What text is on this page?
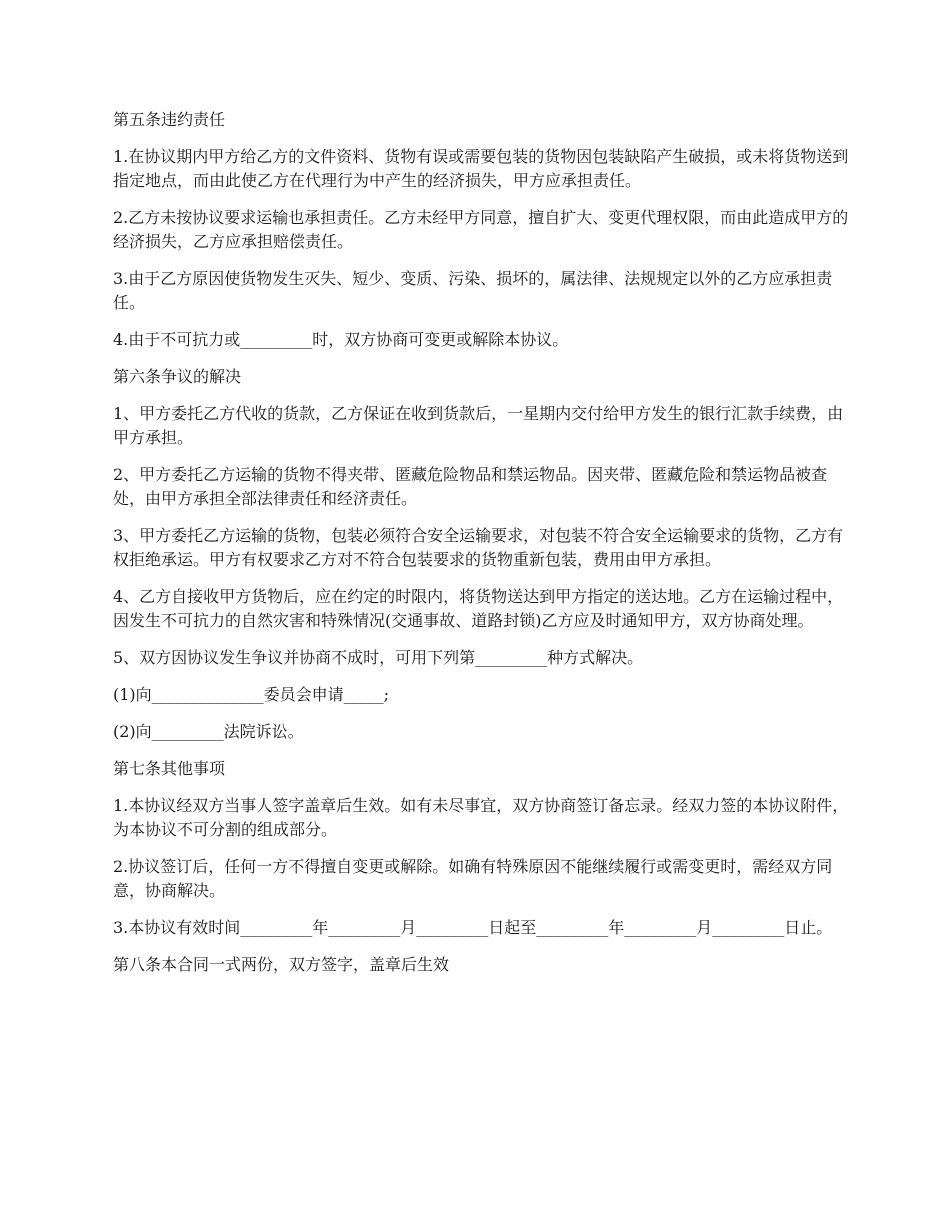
第五条违约责任

1.在协议期内甲方给乙方的文件资料、货物有误或需要包装的货物因包装缺陷产生破损，或未将货物送到指定地点，而由此使乙方在代理行为中产生的经济损失，甲方应承担责任。

2.乙方未按协议要求运输也承担责任。乙方未经甲方同意，擅自扩大、变更代理权限，而由此造成甲方的经济损失，乙方应承担赔偿责任。

3.由于乙方原因使货物发生灭失、短少、变质、污染、损坏的，属法律、法规规定以外的乙方应承担责任。

4.由于不可抗力或_________时，双方协商可变更或解除本协议。

第六条争议的解决

1、甲方委托乙方代收的货款，乙方保证在收到货款后，一星期内交付给甲方发生的银行汇款手续费，由甲方承担。

2、甲方委托乙方运输的货物不得夹带、匿藏危险物品和禁运物品。因夹带、匿藏危险和禁运物品被查处，由甲方承担全部法律责任和经济责任。

3、甲方委托乙方运输的货物，包装必须符合安全运输要求，对包装不符合安全运输要求的货物，乙方有权拒绝承运。甲方有权要求乙方对不符合包装要求的货物重新包装，费用由甲方承担。

4、乙方自接收甲方货物后，应在约定的时限内，将货物送达到甲方指定的送达地。乙方在运输过程中，因发生不可抗力的自然灾害和特殊情况(交通事故、道路封锁)乙方应及时通知甲方，双方协商处理。

5、双方因协议发生争议并协商不成时，可用下列第_________种方式解决。

(1)向______________委员会申请_____;

(2)向_________法院诉讼。

第七条其他事项

1.本协议经双方当事人签字盖章后生效。如有未尽事宜，双方协商签订备忘录。经双力签的本协议附件，为本协议不可分割的组成部分。

2.协议签订后，任何一方不得擅自变更或解除。如确有特殊原因不能继续履行或需变更时，需经双方同意，协商解决。

3.本协议有效时间_________年_________月_________日起至_________年_________月_________日止。

第八条本合同一式两份，双方签字，盖章后生效
